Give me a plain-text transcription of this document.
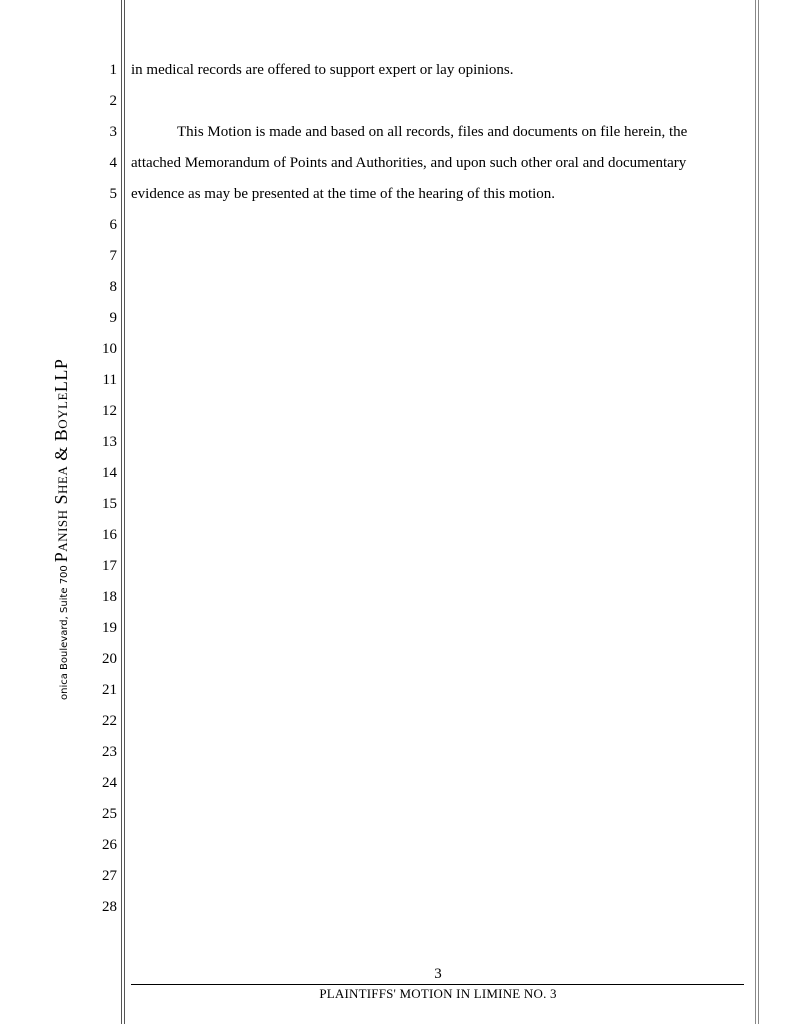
1
2
3
4
5
6
7
8
9
10
11
12
13
14
15
16
17
18
19
20
21
22
23
24
25
26
27
28

in medical records are offered to support expert or lay opinions.

This Motion is made and based on all records, files and documents on file herein, the

attached Memorandum of Points and Authorities, and upon such other oral and documentary

evidence as may be presented at the time of the hearing of this motion.

onica Boulevard, Suite 700
Panish Shea & BoyleLLP
3
PLAINTIFFS' MOTION IN LIMINE NO. 3
